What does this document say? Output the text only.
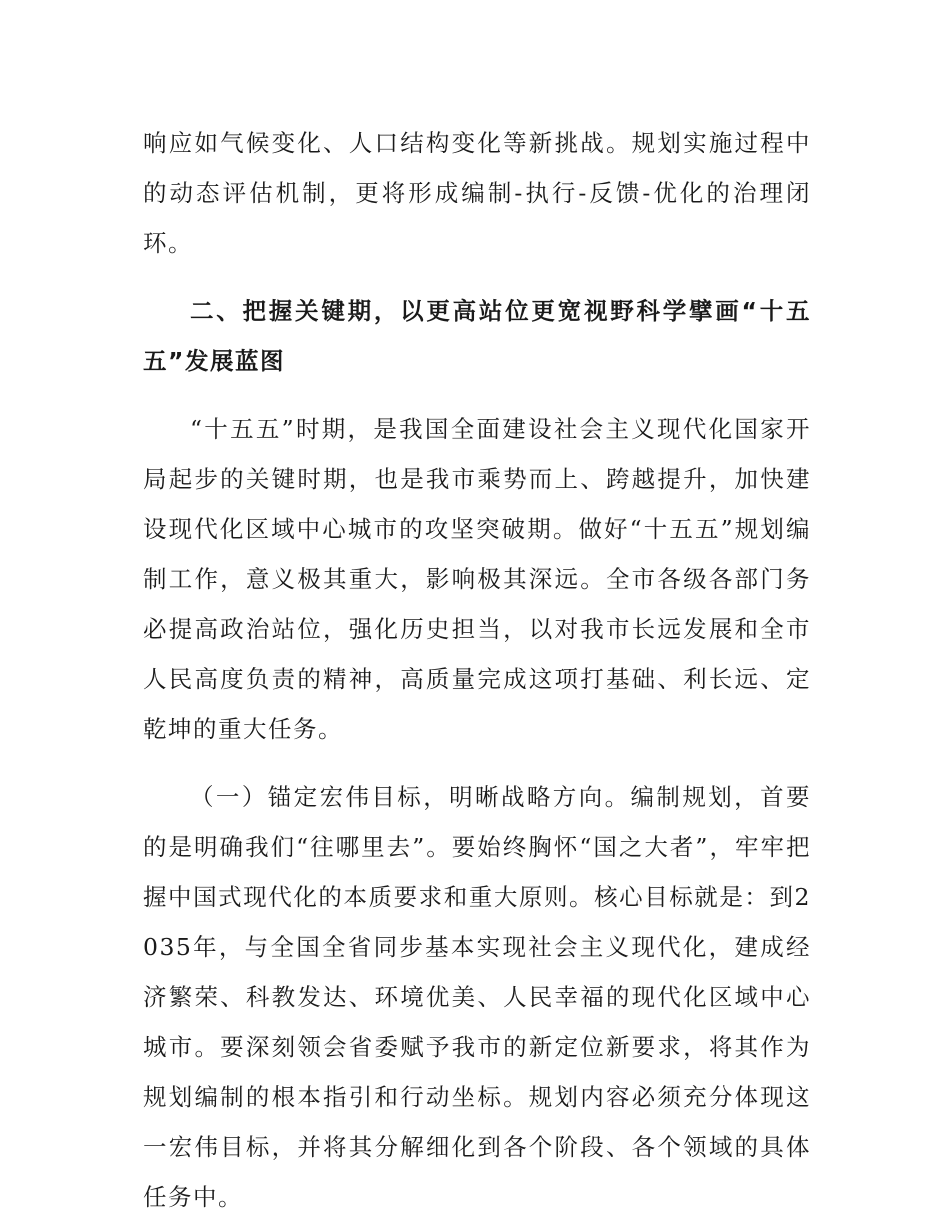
响应如气候变化、人口结构变化等新挑战。规划实施过程中的动态评估机制，更将形成编制-执行-反馈-优化的治理闭环。

二、把握关键期，以更高站位更宽视野科学擘画“十五五”发展蓝图

“十五五”时期，是我国全面建设社会主义现代化国家开局起步的关键时期，也是我市乘势而上、跨越提升，加快建设现代化区域中心城市的攻坚突破期。做好“十五五”规划编制工作，意义极其重大，影响极其深远。全市各级各部门务必提高政治站位，强化历史担当，以对我市长远发展和全市人民高度负责的精神，高质量完成这项打基础、利长远、定乾坤的重大任务。

（一）锚定宏伟目标，明晰战略方向。编制规划，首要的是明确我们“往哪里去”。要始终胸怀“国之大者”，牢牢把握中国式现代化的本质要求和重大原则。核心目标就是：到2035年，与全国全省同步基本实现社会主义现代化，建成经济繁荣、科教发达、环境优美、人民幸福的现代化区域中心城市。要深刻领会省委赋予我市的新定位新要求，将其作为规划编制的根本指引和行动坐标。规划内容必须充分体现这一宏伟目标，并将其分解细化到各个阶段、各个领域的具体任务中。
